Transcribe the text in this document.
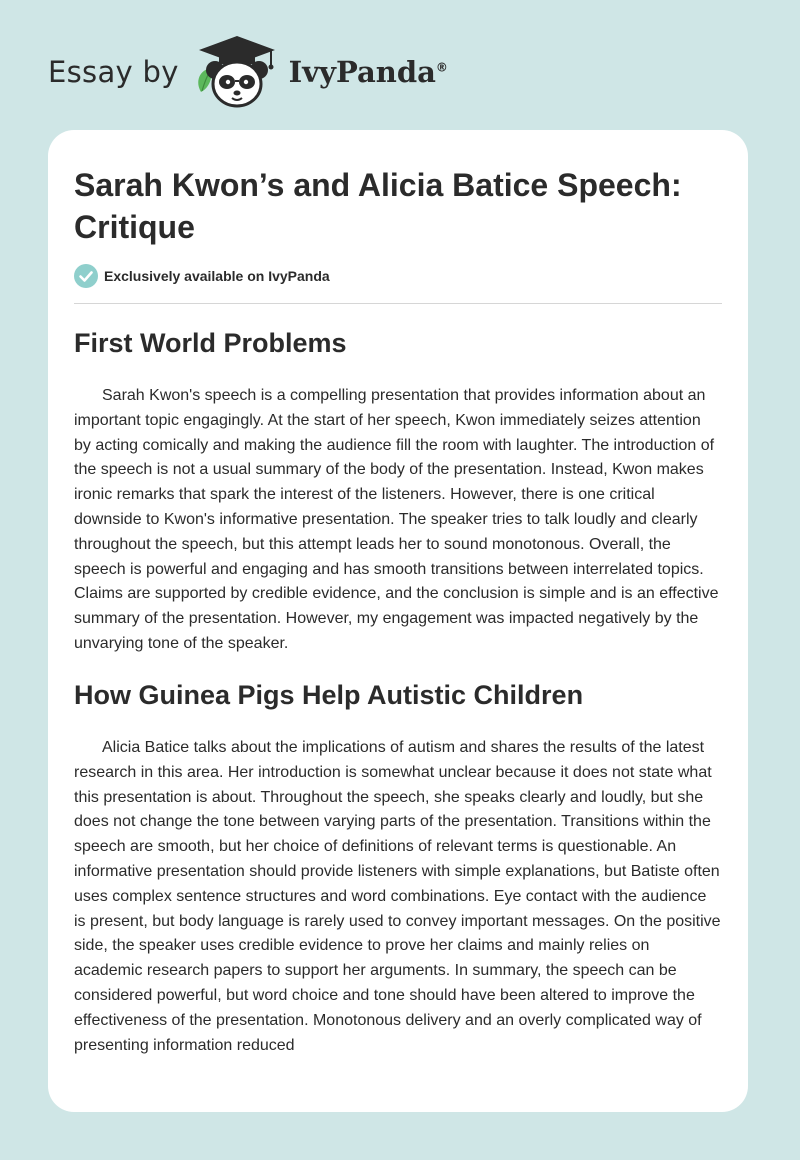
Essay by	IvyPanda®
Sarah Kwon’s and Alicia Batice Speech: Critique
Exclusively available on IvyPanda
First World Problems

Sarah Kwon's speech is a compelling presentation that provides information about an important topic engagingly. At the start of her speech, Kwon immediately seizes attention by acting comically and making the audience fill the room with laughter. The introduction of the speech is not a usual summary of the body of the presentation. Instead, Kwon makes ironic remarks that spark the interest of the listeners. However, there is one critical downside to Kwon's informative presentation. The speaker tries to talk loudly and clearly throughout the speech, but this attempt leads her to sound monotonous. Overall, the speech is powerful and engaging and has smooth transitions between interrelated topics. Claims are supported by credible evidence, and the conclusion is simple and is an effective summary of the presentation. However, my engagement was impacted negatively by the unvarying tone of the speaker.

How Guinea Pigs Help Autistic Children

Alicia Batice talks about the implications of autism and shares the results of the latest research in this area. Her introduction is somewhat unclear because it does not state what this presentation is about. Throughout the speech, she speaks clearly and loudly, but she does not change the tone between varying parts of the presentation. Transitions within the speech are smooth, but her choice of definitions of relevant terms is questionable. An informative presentation should provide listeners with simple explanations, but Batiste often uses complex sentence structures and word combinations. Eye contact with the audience is present, but body language is rarely used to convey important messages. On the positive side, the speaker uses credible evidence to prove her claims and mainly relies on academic research papers to support her arguments. In summary, the speech can be considered powerful, but word choice and tone should have been altered to improve the effectiveness of the presentation. Monotonous delivery and an overly complicated way of presenting information reduced
